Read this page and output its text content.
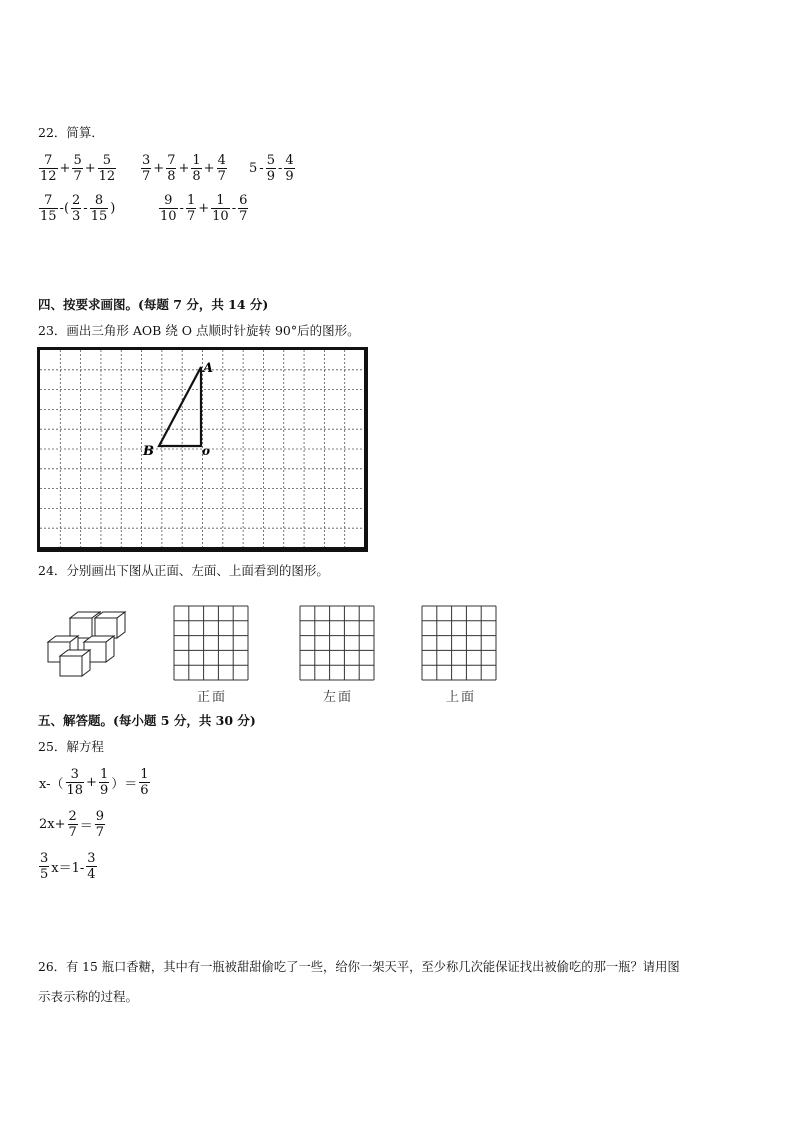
22．简算．
$\frac{7}{12} + \frac{5}{7} + \frac{5}{12} \frac{3}{7} + \frac{7}{8} + \frac{1}{8} + \frac{4}{7} 5 - \frac{5}{9} - \frac{4}{9}$
$\frac{7}{15}$ -( $\frac{2}{3} - \frac{8}{15}$ )	$\frac{9}{10} - \frac{1}{7} + \frac{1}{10} - \frac{6}{7}$
四、按要求画图。(每题 7 分，共 14 分)
23．画出三角形 AOB 绕 O 点顺时针旋转 90°后的图形。
A
B	o
24．分别画出下图从正面、左面、上面看到的图形。
正面	左面	上面
五、解答题。(每小题 5 分，共 30 分)
25．解方程
$x-( \frac{3}{18} + \frac{1}{9}$ ）＝ $\frac{1}{6}$
$2x+ \frac{2}{7} = \frac{9}{7}$
$\frac{3}{5} x=1- \frac{3}{4}$
26．有 15 瓶口香糖，其中有一瓶被甜甜偷吃了一些，给你一架天平，至少称几次能保证找出被偷吃的那一瓶？请用图
示表示称的过程。
